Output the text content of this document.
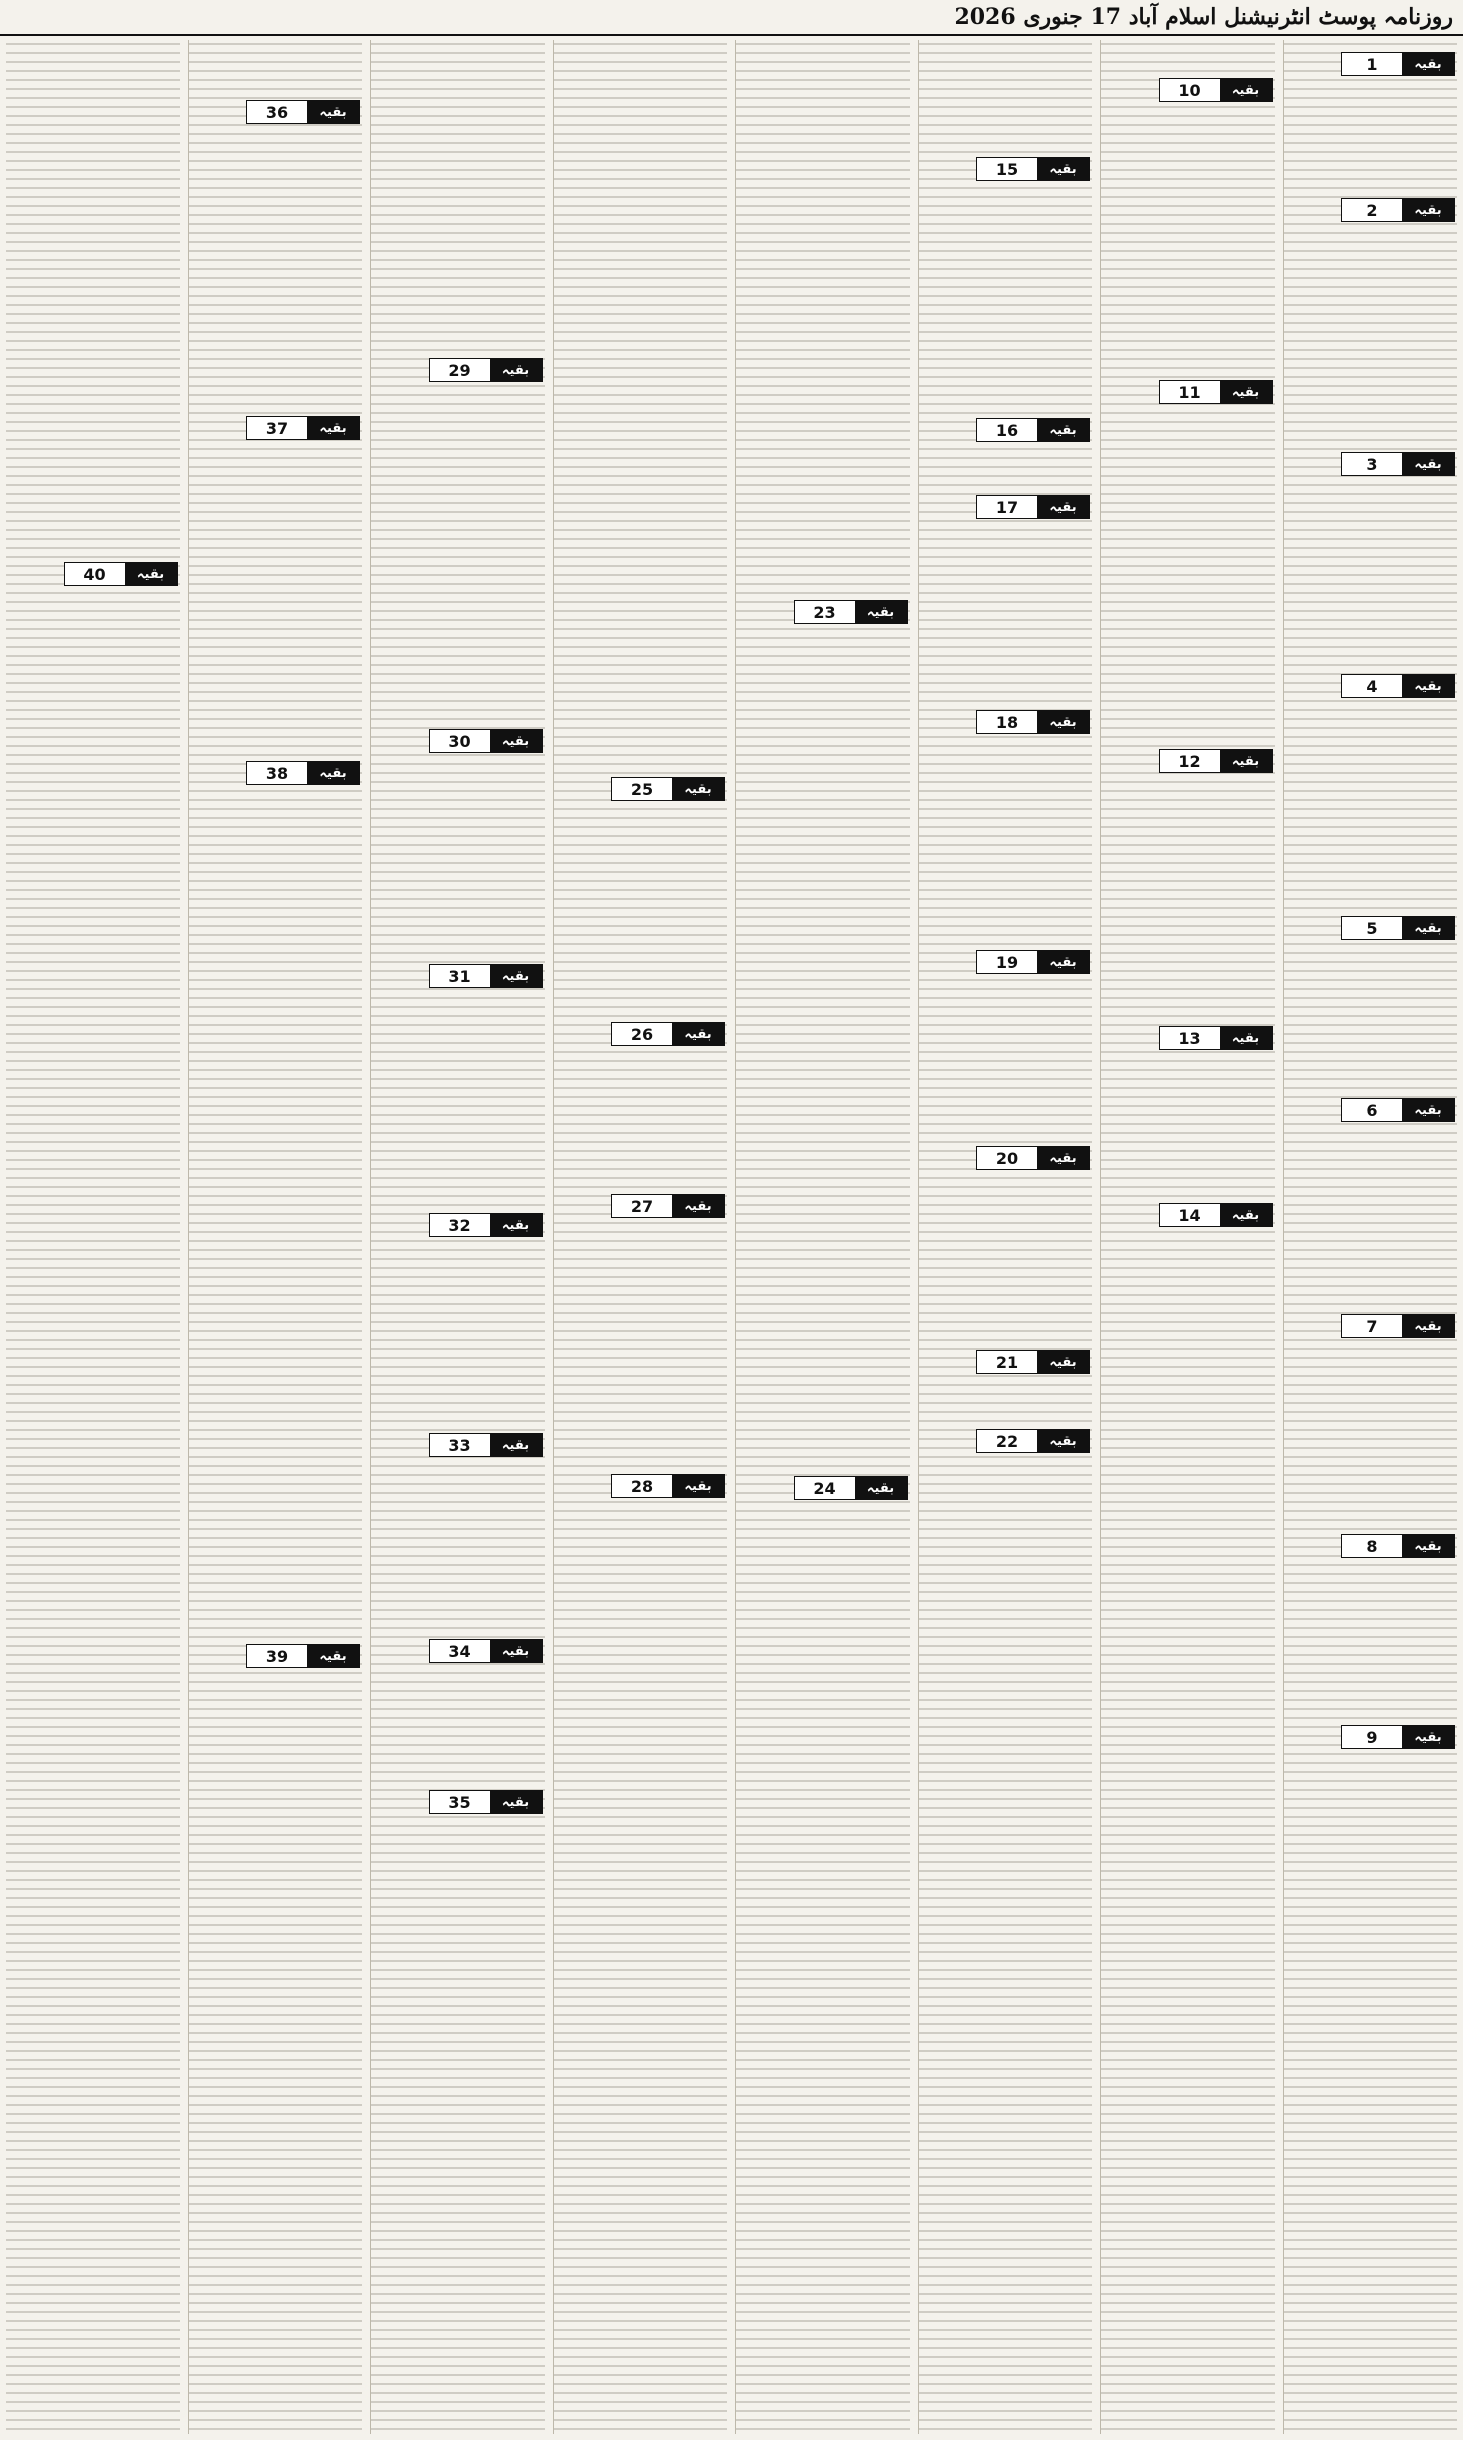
روزنامہ پوسٹ انٹرنیشنل اسلام آباد 17 جنوری 2026
بقیہ
1
بقیہ
2
بقیہ
3
بقیہ
4
بقیہ
5
بقیہ
6
بقیہ
7
بقیہ
8
بقیہ
9
بقیہ
10
بقیہ
11
بقیہ
12
بقیہ
13
بقیہ
14
بقیہ
15
بقیہ
16
بقیہ
17
بقیہ
18
بقیہ
19
بقیہ
20
بقیہ
21
بقیہ
22
بقیہ
23
بقیہ
24
بقیہ
25
بقیہ
26
بقیہ
27
بقیہ
28
بقیہ
29
بقیہ
30
بقیہ
31
بقیہ
32
بقیہ
33
بقیہ
34
بقیہ
35
بقیہ
36
بقیہ
37
بقیہ
38
بقیہ
39
بقیہ
40
